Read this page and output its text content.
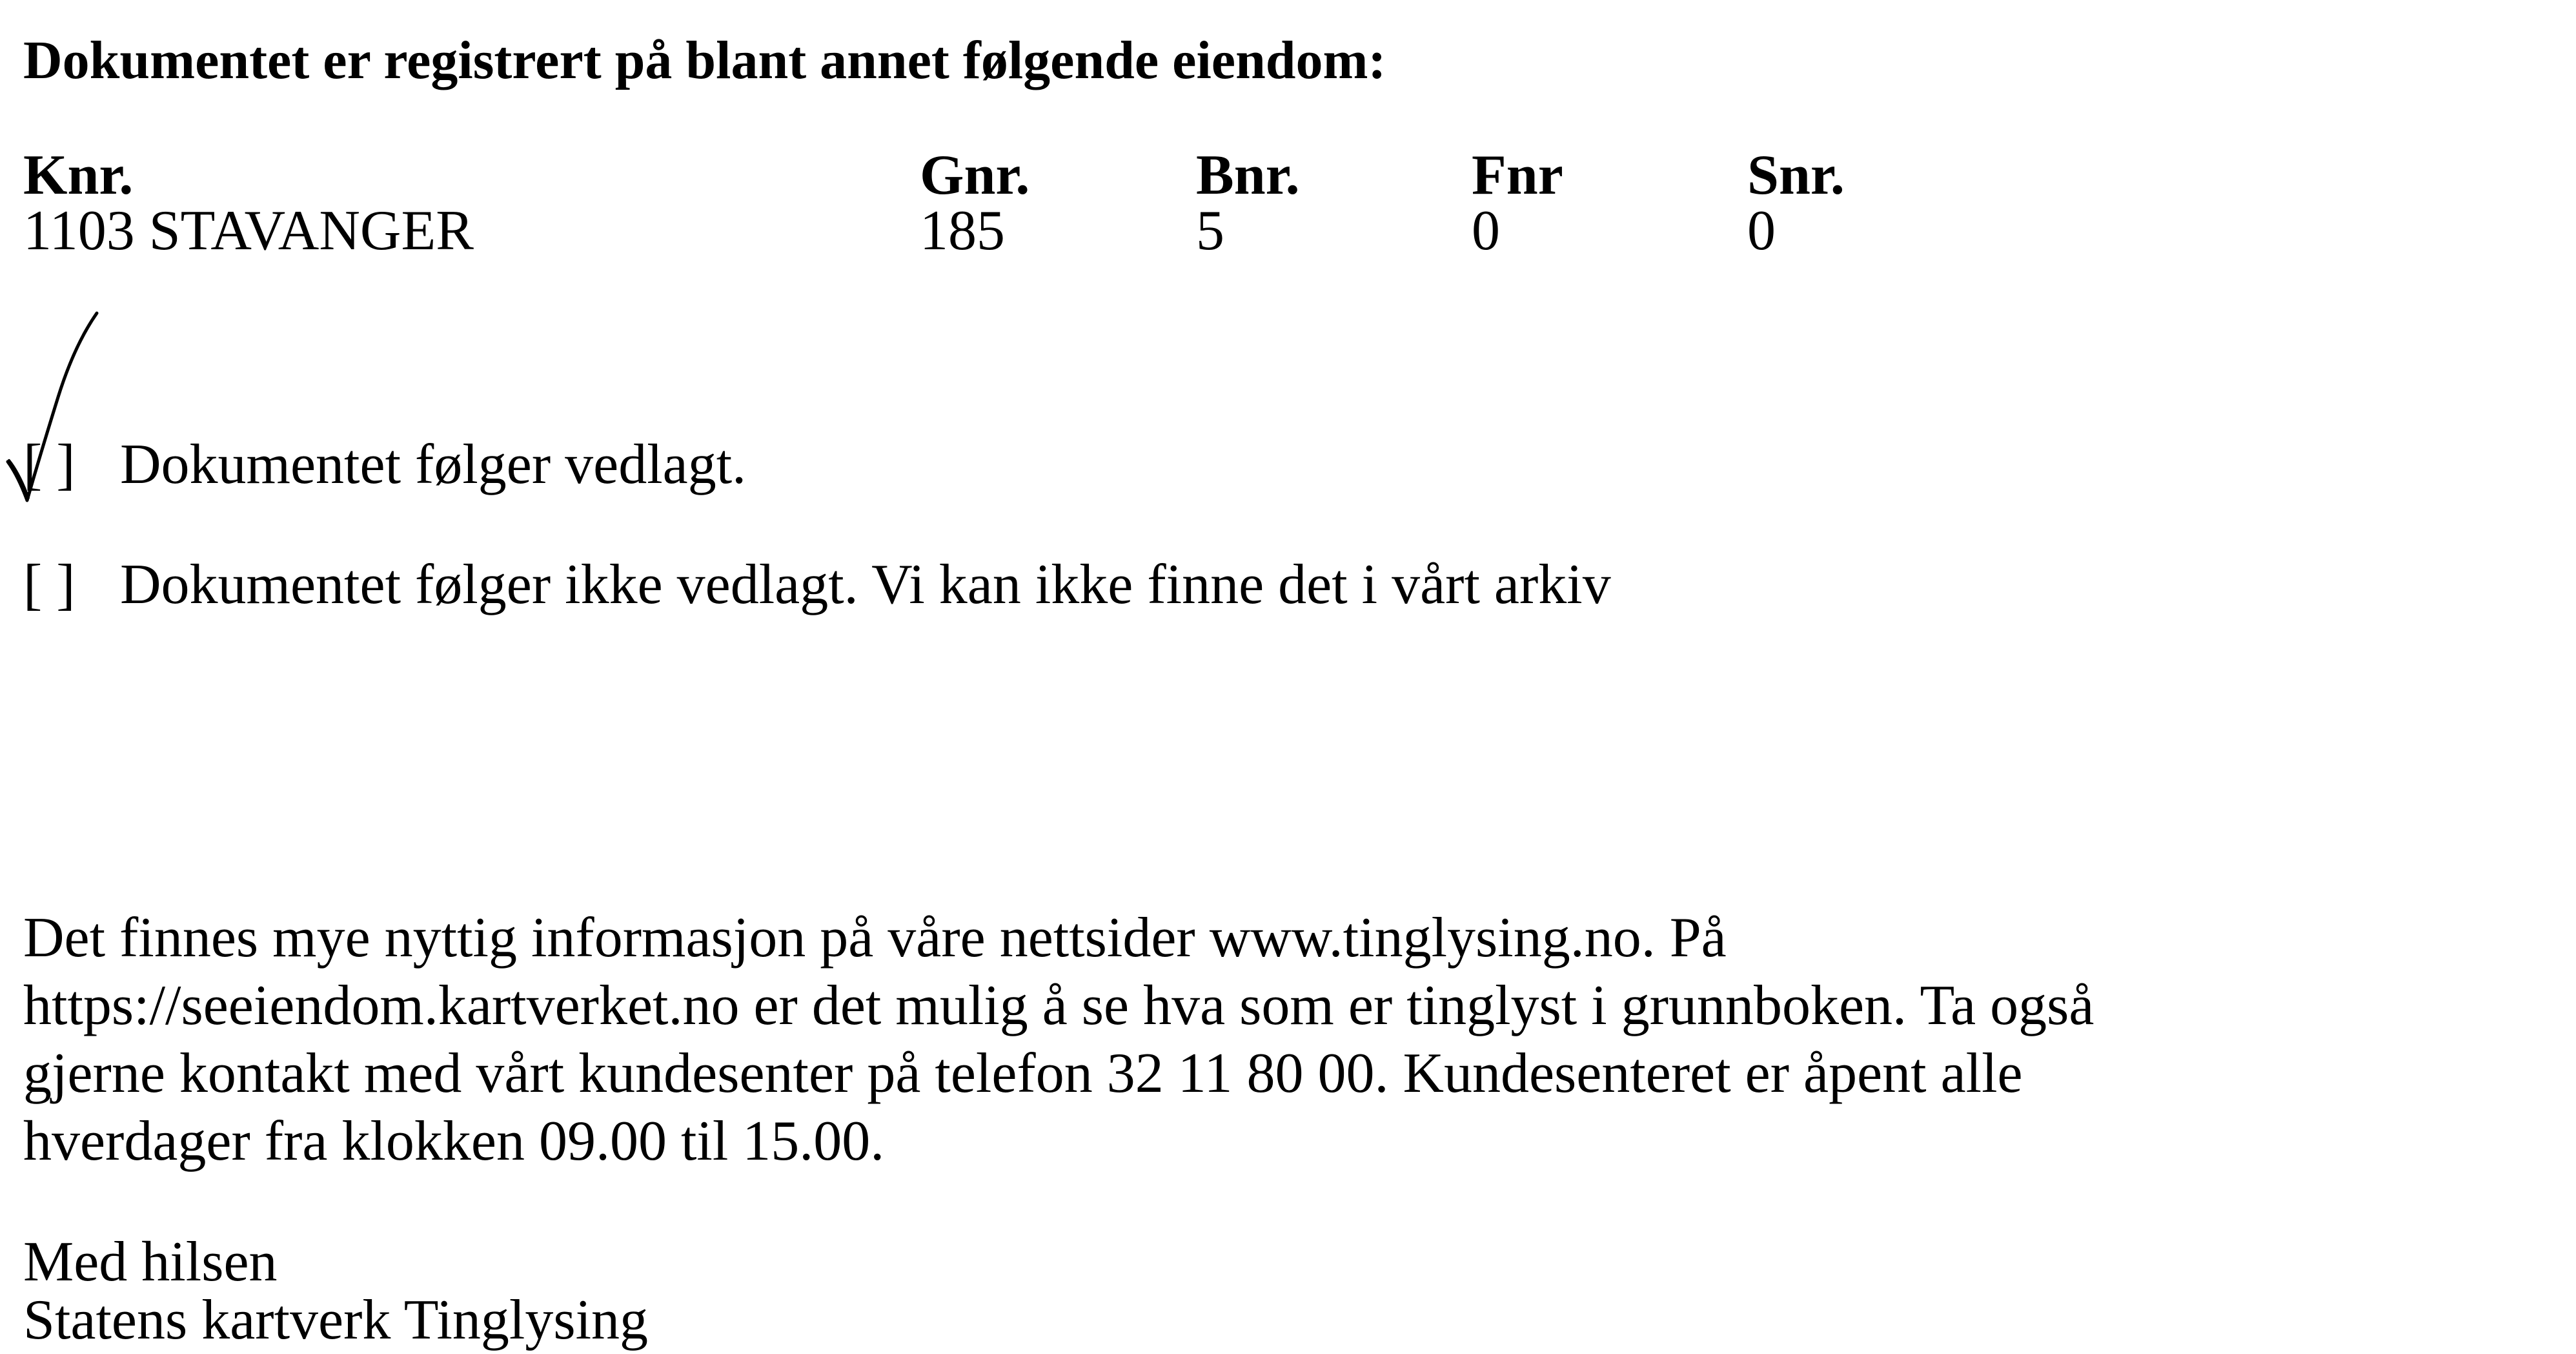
Dokumentet er registrert på blant annet følgende eiendom:
Knr.	Gnr.	Bnr.	Fnr	Snr.
1103 STAVANGER	185	5	0	0
[ ] Dokumentet følger vedlagt.
[ ] Dokumentet følger ikke vedlagt. Vi kan ikke finne det i vårt arkiv
Det finnes mye nyttig informasjon på våre nettsider www.tinglysing.no. På
https://seeiendom.kartverket.no er det mulig å se hva som er tinglyst i grunnboken. Ta også
gjerne kontakt med vårt kundesenter på telefon 32 11 80 00. Kundesenteret er åpent alle
hverdager fra klokken 09.00 til 15.00.
Med hilsen
Statens kartverk Tinglysing
